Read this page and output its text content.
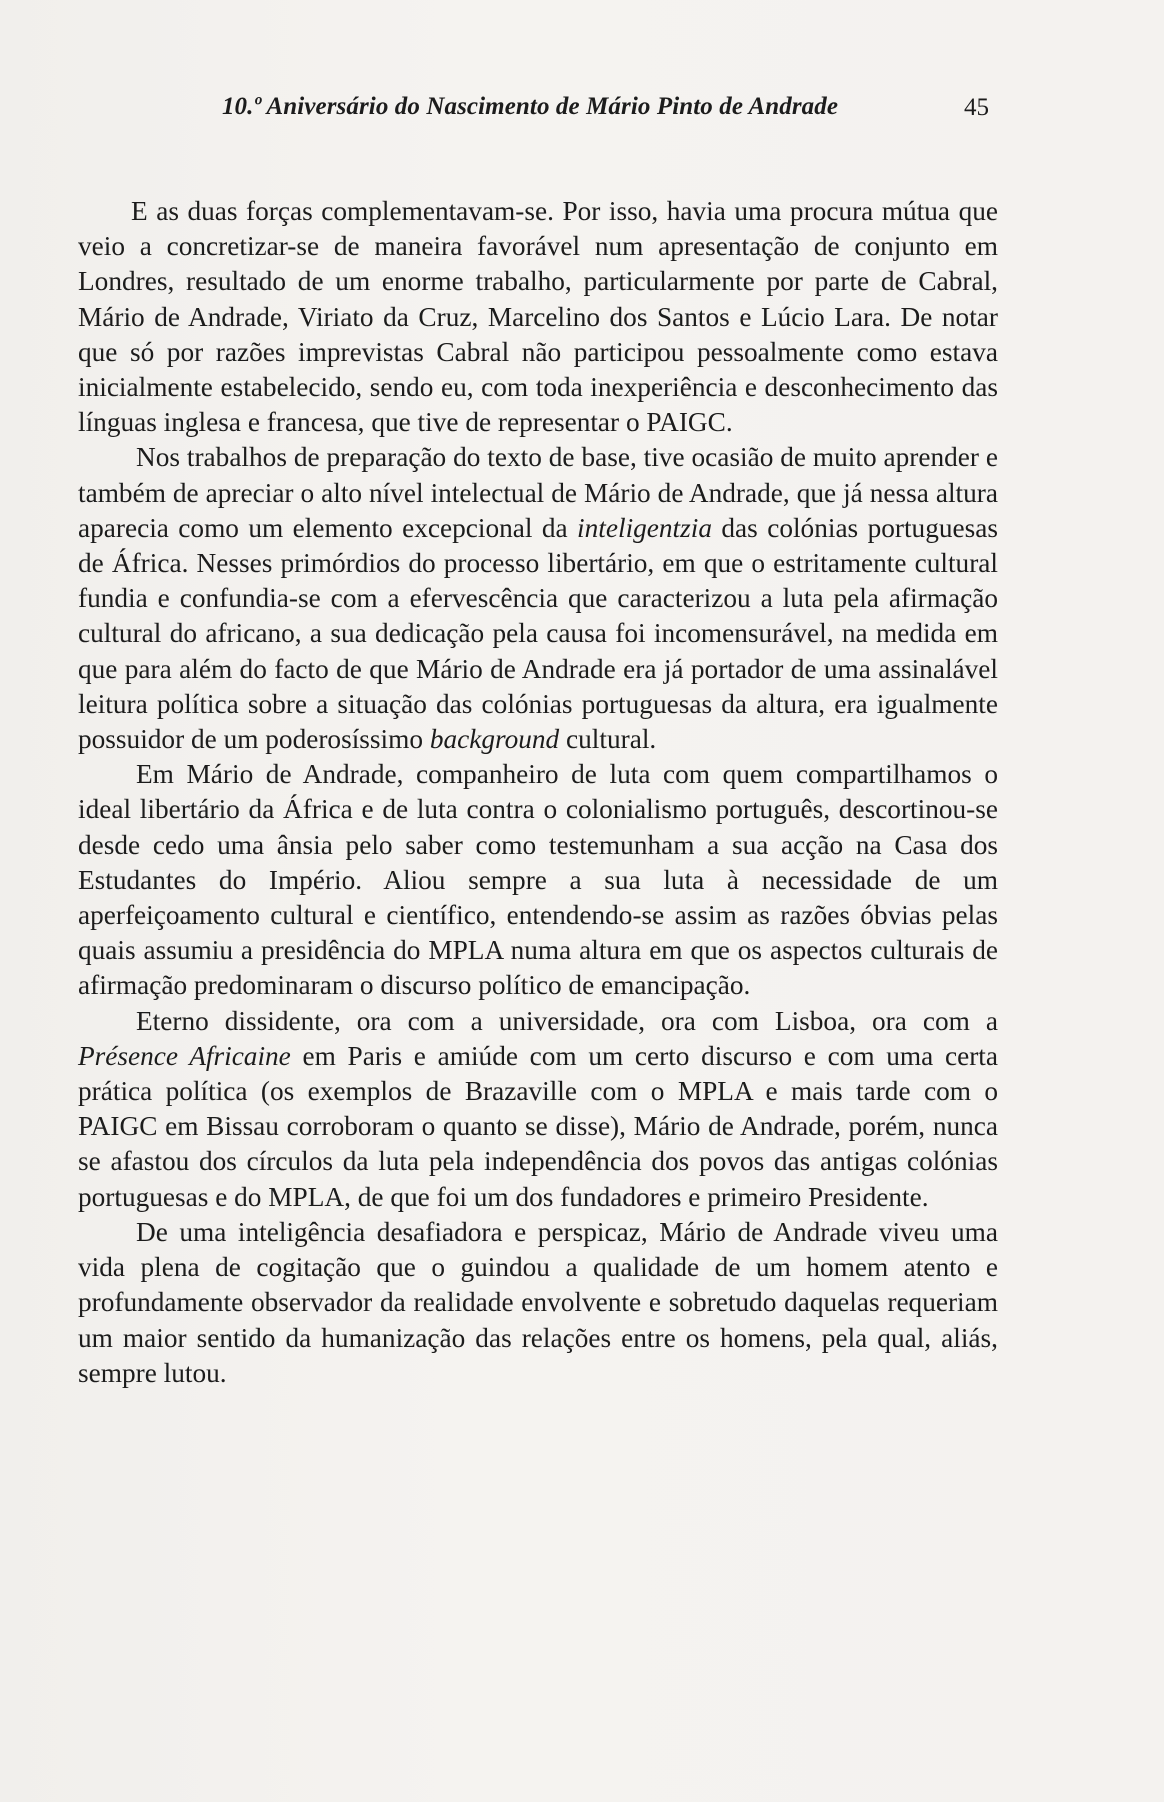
10.º Aniversário do Nascimento de Mário Pinto de Andrade	45

E as duas forças complementavam-se. Por isso, havia uma procura mútua que veio a concretizar-se de maneira favorável num apresentação de conjunto em Londres, resultado de um enorme trabalho, particularmente por parte de Cabral, Mário de Andrade, Viriato da Cruz, Marcelino dos Santos e Lúcio Lara. De notar que só por razões imprevistas Cabral não participou pessoalmente como estava inicialmente estabelecido, sendo eu, com toda inexperiência e desconhecimento das línguas inglesa e francesa, que tive de representar o PAIGC.

Nos trabalhos de preparação do texto de base, tive ocasião de muito aprender e também de apreciar o alto nível intelectual de Mário de Andrade, que já nessa altura aparecia como um elemento excepcional da inteligentzia das colónias portuguesas de África. Nesses primórdios do processo libertário, em que o estritamente cultural fundia e confundia-se com a efervescência que caracterizou a luta pela afirmação cultural do africano, a sua dedicação pela causa foi incomensurável, na medida em que para além do facto de que Mário de Andrade era já portador de uma assinalável leitura política sobre a situação das colónias portuguesas da altura, era igualmente possuidor de um poderosíssimo background cultural.

Em Mário de Andrade, companheiro de luta com quem compartilhamos o ideal libertário da África e de luta contra o colonialismo português, descortinou-se desde cedo uma ânsia pelo saber como testemunham a sua acção na Casa dos Estudantes do Império. Aliou sempre a sua luta à necessidade de um aperfeiçoamento cultural e científico, entendendo-se assim as razões óbvias pelas quais assumiu a presidência do MPLA numa altura em que os aspectos culturais de afirmação predominaram o discurso político de emancipação.

Eterno dissidente, ora com a universidade, ora com Lisboa, ora com a Présence Africaine em Paris e amiúde com um certo discurso e com uma certa prática política (os exemplos de Brazaville com o MPLA e mais tarde com o PAIGC em Bissau corroboram o quanto se disse), Mário de Andrade, porém, nunca se afastou dos círculos da luta pela independência dos povos das antigas colónias portuguesas e do MPLA, de que foi um dos fundadores e primeiro Presidente.

De uma inteligência desafiadora e perspicaz, Mário de Andrade viveu uma vida plena de cogitação que o guindou a qualidade de um homem atento e profundamente observador da realidade envolvente e sobretudo daquelas requeriam um maior sentido da humanização das relações entre os homens, pela qual, aliás, sempre lutou.
